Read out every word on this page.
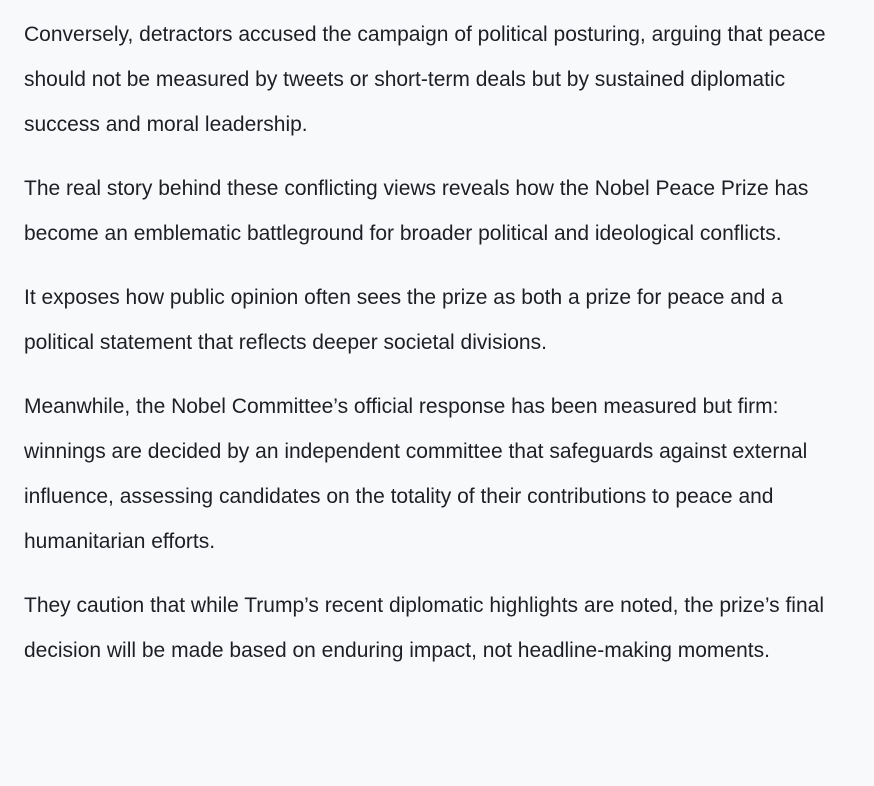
Conversely, detractors accused the campaign of political posturing, arguing that peace should not be measured by tweets or short-term deals but by sustained diplomatic success and moral leadership.

The real story behind these conflicting views reveals how the Nobel Peace Prize has become an emblematic battleground for broader political and ideological conflicts.

It exposes how public opinion often sees the prize as both a prize for peace and a political statement that reflects deeper societal divisions.

Meanwhile, the Nobel Committee’s official response has been measured but firm: winnings are decided by an independent committee that safeguards against external influence, assessing candidates on the totality of their contributions to peace and humanitarian efforts.

They caution that while Trump’s recent diplomatic highlights are noted, the prize’s final decision will be made based on enduring impact, not headline-making moments.
